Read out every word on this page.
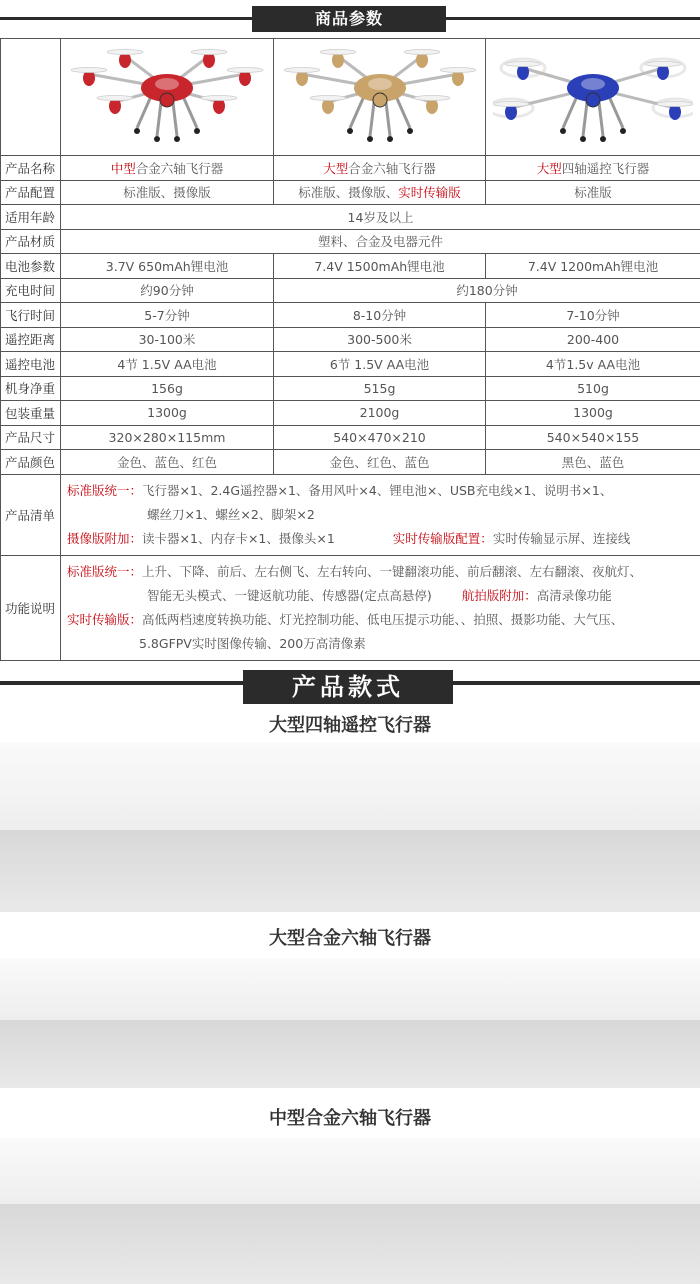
商品参数

产品名称	中型合金六轴飞行器	大型合金六轴飞行器	大型四轴遥控飞行器
产品配置	标准版、摄像版	标准版、摄像版、实时传输版	标准版
适用年龄	14岁及以上		
产品材质	塑料、合金及电器元件		
电池参数	3.7V 650mAh锂电池	7.4V 1500mAh锂电池	7.4V 1200mAh锂电池
充电时间	约90分钟	约180分钟	
飞行时间	5-7分钟	8-10分钟	7-10分钟
遥控距离	30-100米	300-500米	200-400
遥控电池	4节 1.5V AA电池	6节 1.5V AA电池	4节1.5v AA电池
机身净重	156g	515g	510g
包装重量	1300g	2100g	1300g
产品尺寸	320×280×115mm	540×470×210	540×540×155
产品颜色	金色、蓝色、红色	金色、红色、蓝色	黑色、蓝色
产品清单	标准版统一：飞行器×1、2.4G遥控器×1、备用风叶×4、锂电池×、USB充电线×1、说明书×1、
螺丝刀×1、螺丝×2、脚架×2
摄像版附加：读卡器×1、内存卡×1、摄像头×1 实时传输版配置：实时传输显示屏、连接线		

功能说明	标准版统一：上升、下降、前后、左右侧飞、左右转向、一键翻滚功能、前后翻滚、左右翻滚、夜航灯、
智能无头模式、一键返航功能、传感器(定点高悬停) 航拍版附加：高清录像功能
实时传输版：高低两档速度转换功能、灯光控制功能、低电压提示功能、、拍照、摄影功能、大气压、
5.8GFPV实时图像传输、200万高清像素		
产品款式
大型四轴遥控飞行器

大型合金六轴飞行器

中型合金六轴飞行器
